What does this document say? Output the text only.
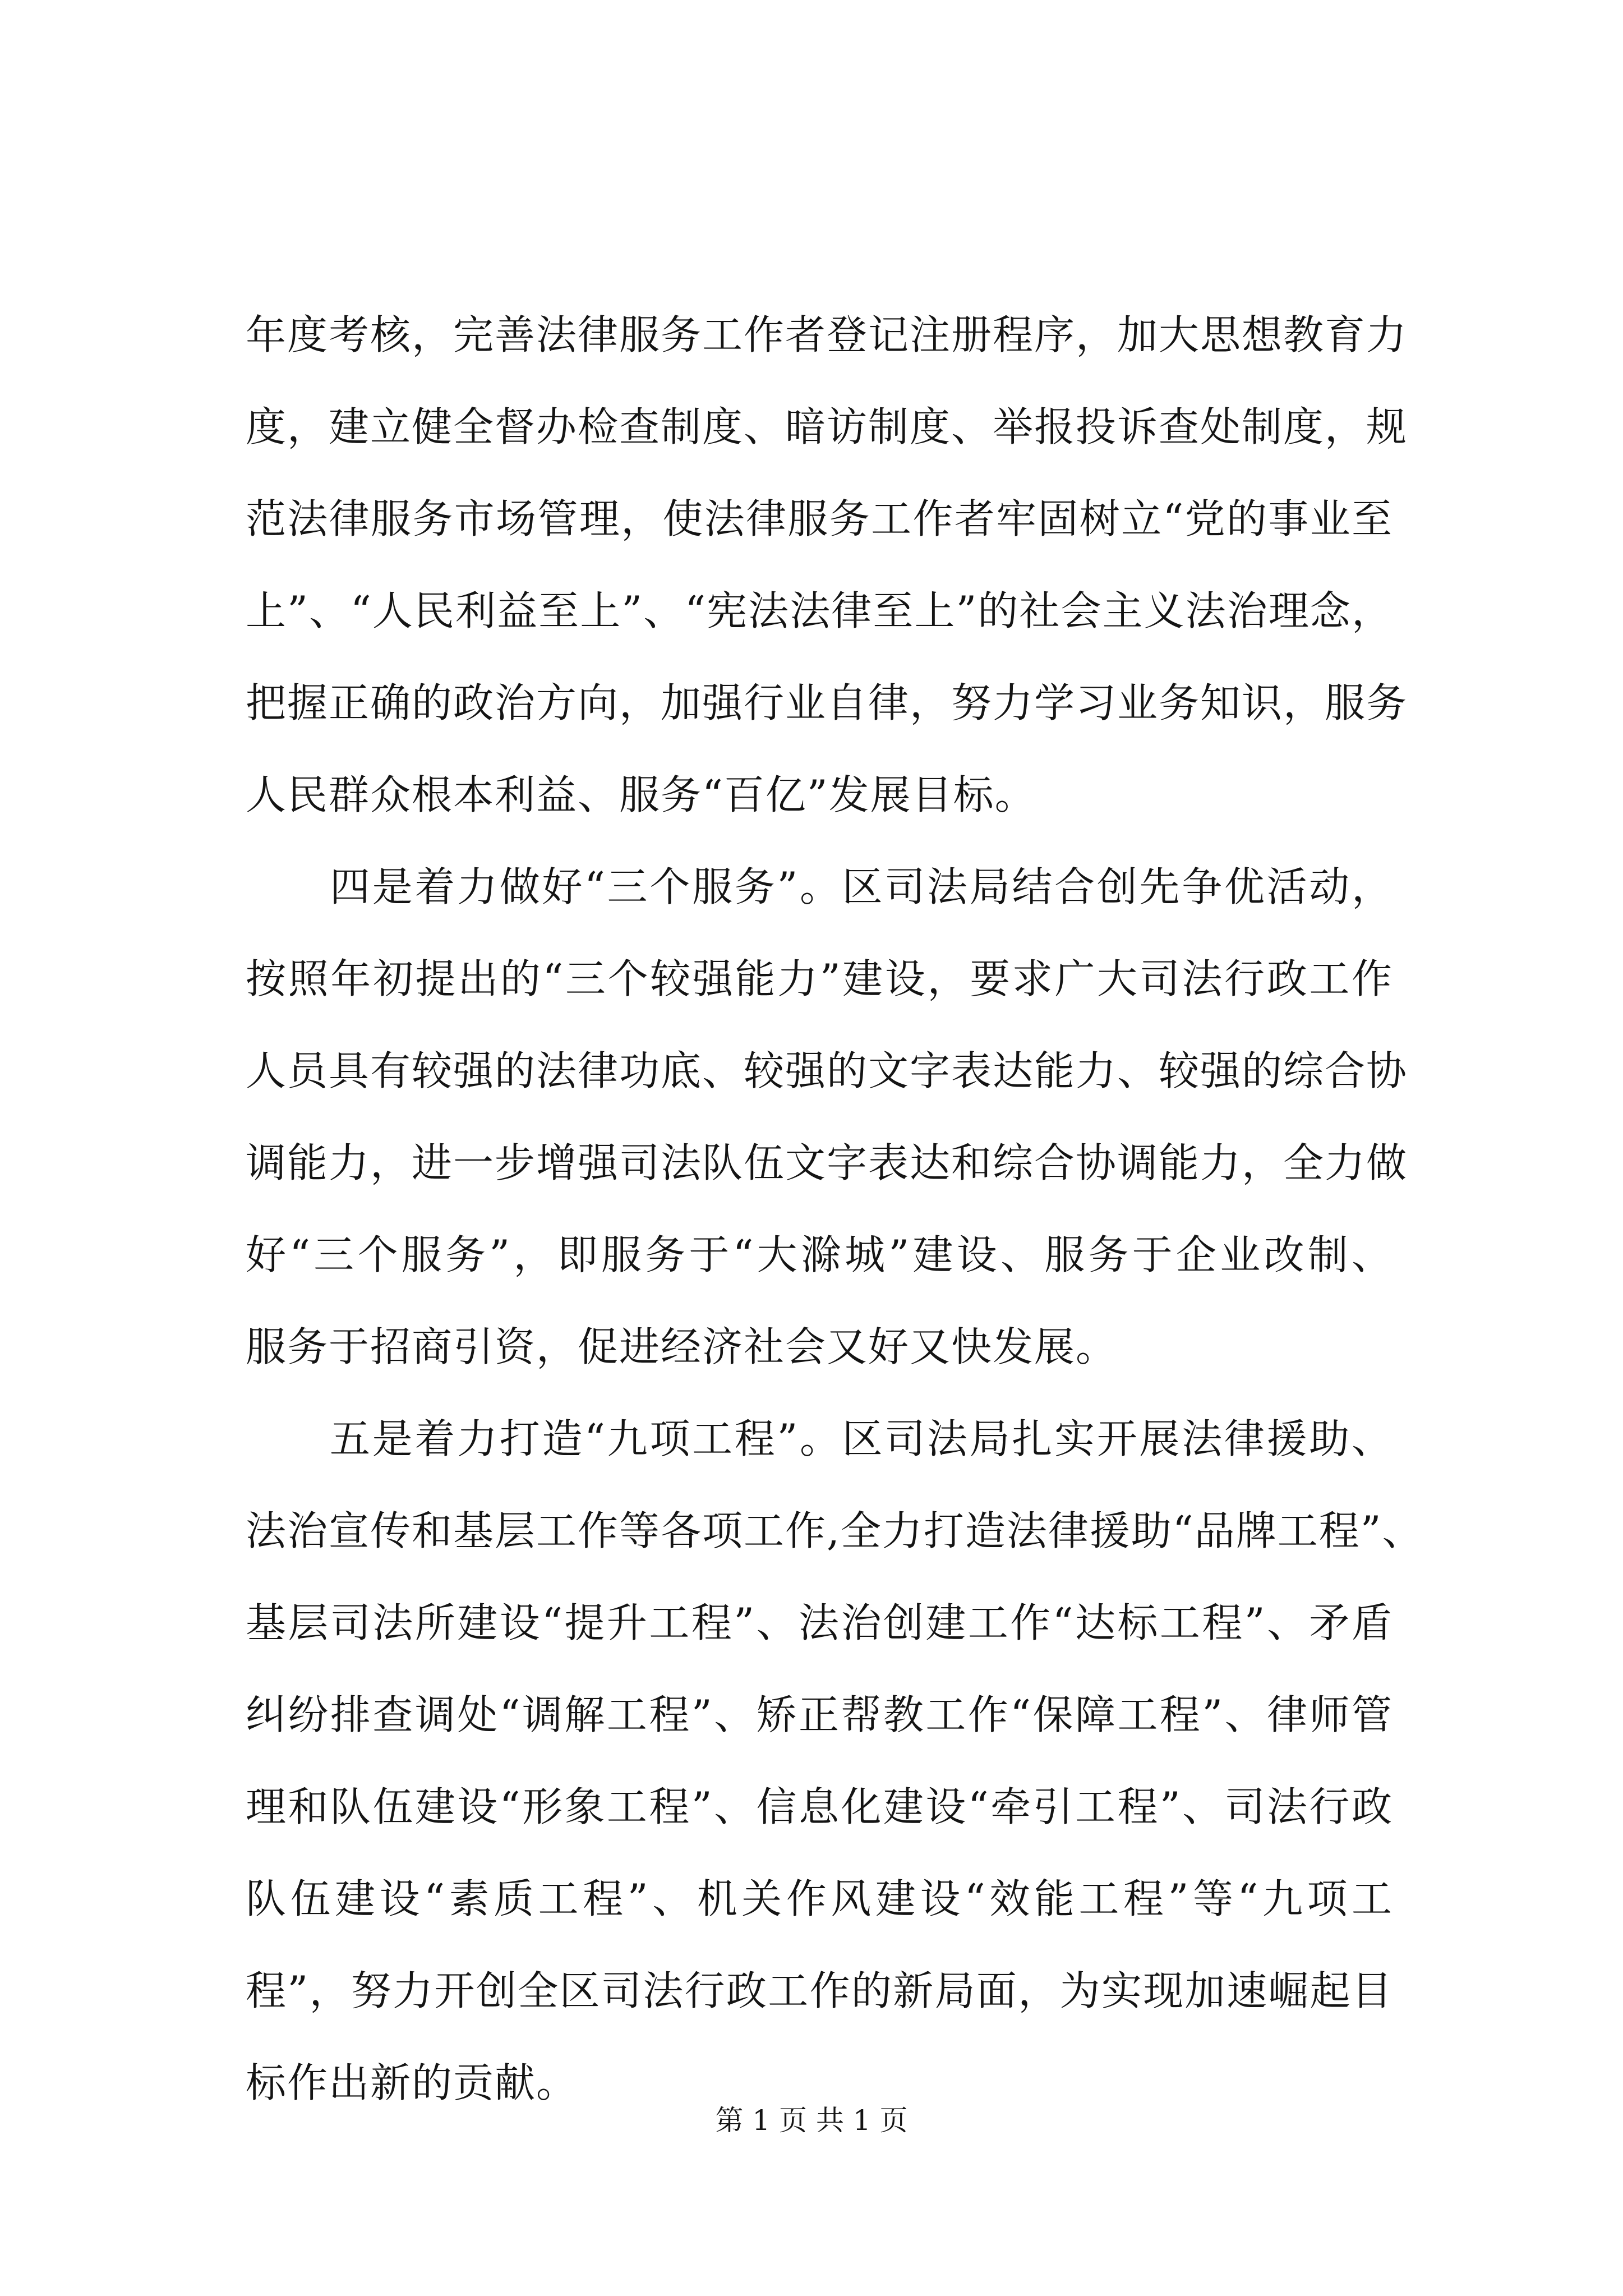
年度考核，完善法律服务工作者登记注册程序，加大思想教育力
度，建立健全督办检查制度、暗访制度、举报投诉查处制度，规
范法律服务市场管理，使法律服务工作者牢固树立“党的事业至
上”、“人民利益至上”、“宪法法律至上”的社会主义法治理念，
把握正确的政治方向，加强行业自律，努力学习业务知识，服务
人民群众根本利益、服务“百亿”发展目标。
四是着力做好“三个服务”。区司法局结合创先争优活动，
按照年初提出的“三个较强能力”建设，要求广大司法行政工作
人员具有较强的法律功底、较强的文字表达能力、较强的综合协
调能力，进一步增强司法队伍文字表达和综合协调能力，全力做
好“三个服务”，即服务于“大滁城”建设、服务于企业改制、
服务于招商引资，促进经济社会又好又快发展。
五是着力打造“九项工程”。区司法局扎实开展法律援助、
法治宣传和基层工作等各项工作,全力打造法律援助“品牌工程”、
基层司法所建设“提升工程”、法治创建工作“达标工程”、矛盾
纠纷排查调处“调解工程”、矫正帮教工作“保障工程”、律师管
理和队伍建设“形象工程”、信息化建设“牵引工程”、司法行政
队伍建设“素质工程”、机关作风建设“效能工程”等“九项工
程”，努力开创全区司法行政工作的新局面，为实现加速崛起目
标作出新的贡献。
第 1 页 共 1 页
